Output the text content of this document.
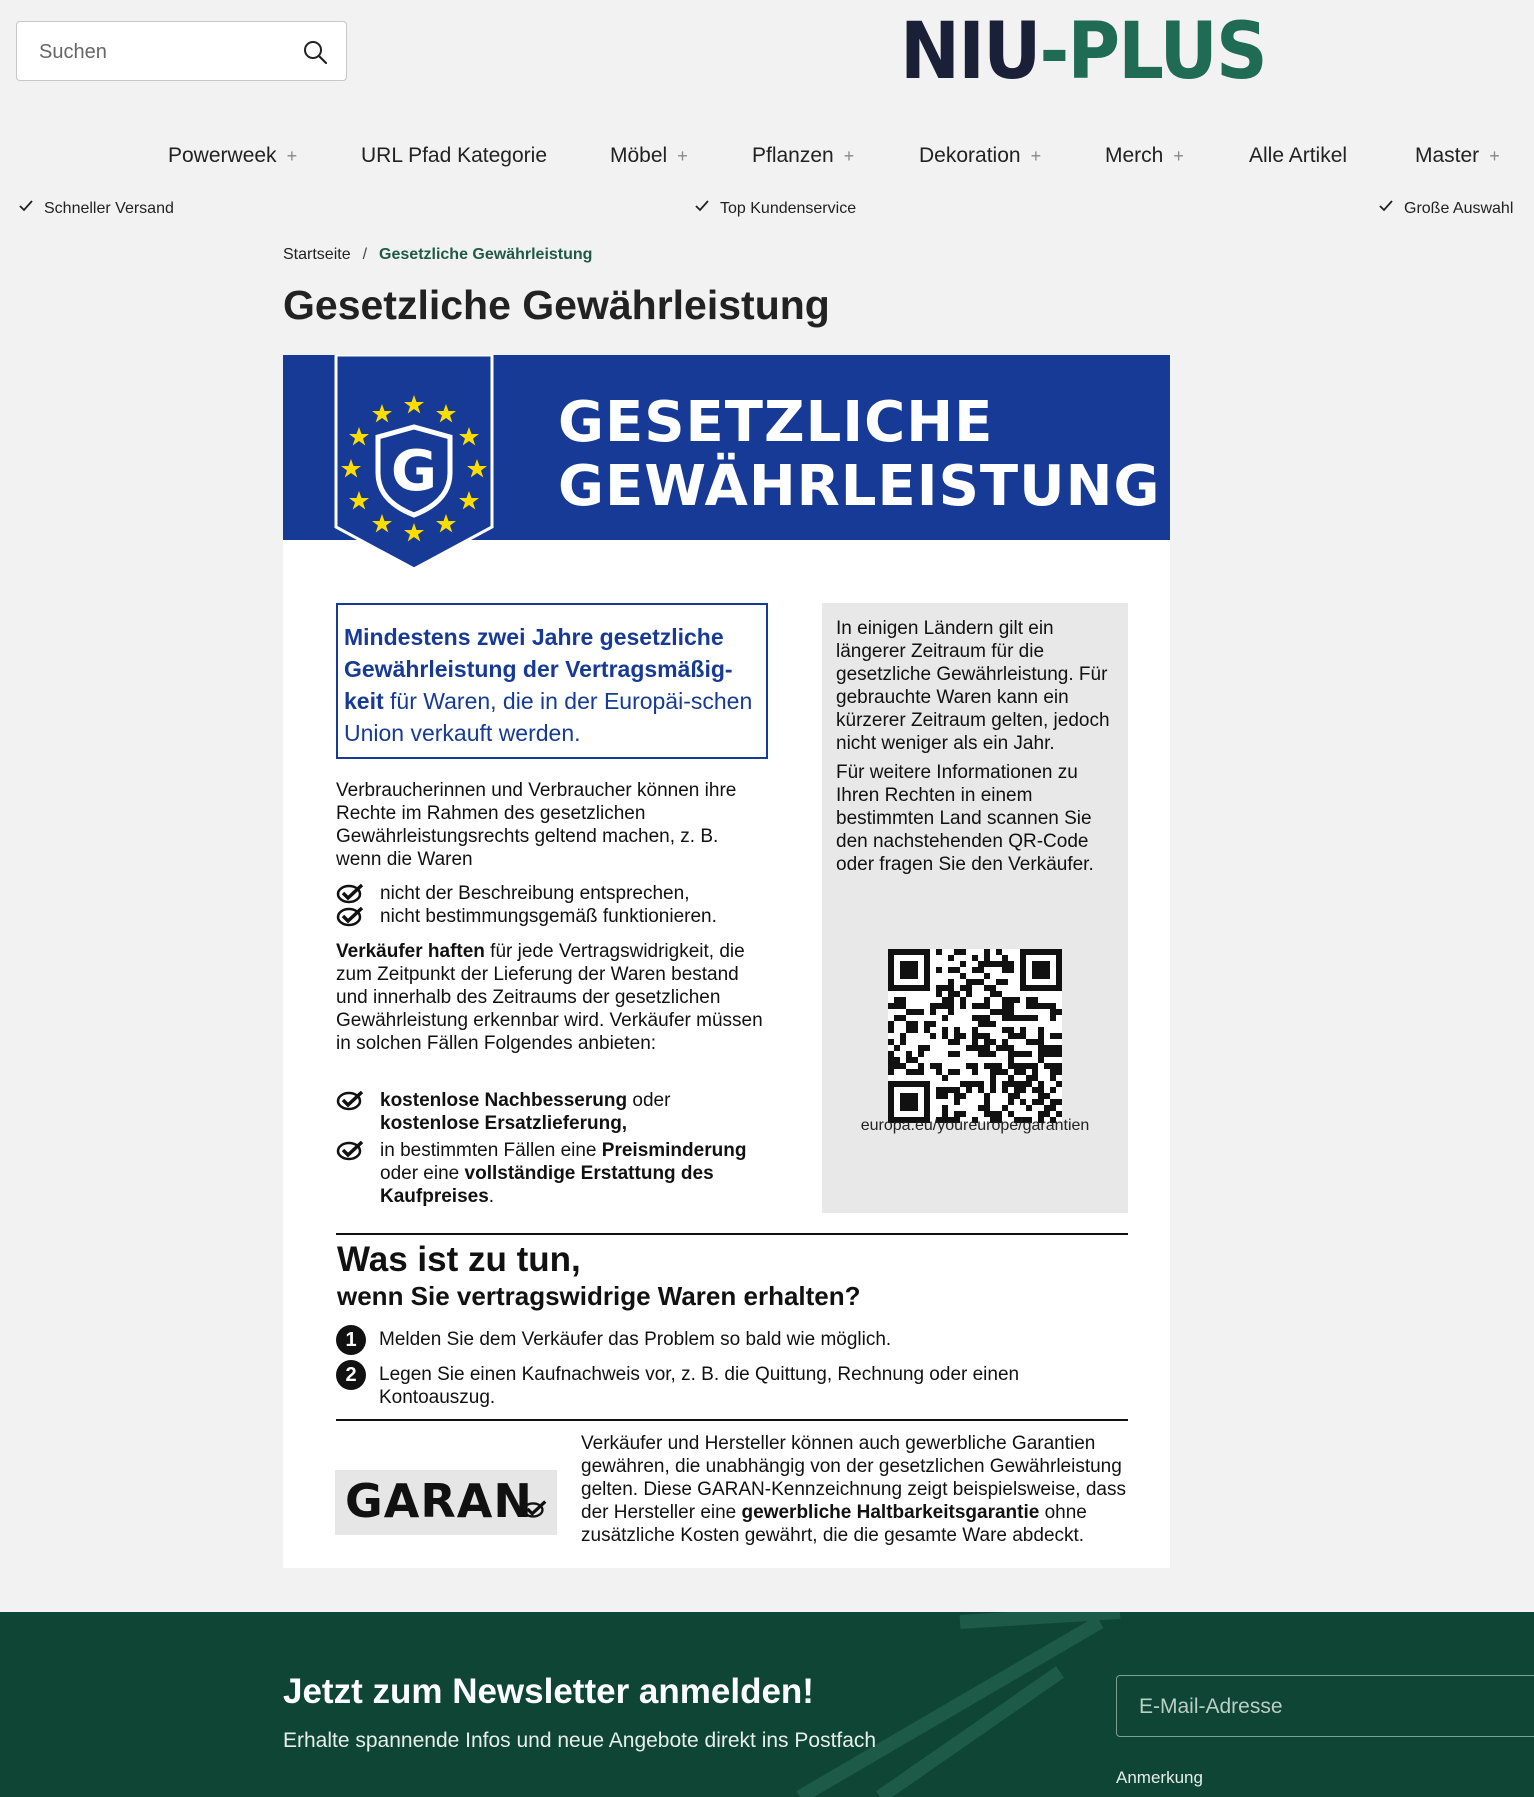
Suchen
NIU-PLUS
Powerweek +	URL Pfad Kategorie	Möbel +	Pflanzen +	Dekoration +	Merch +	Alle Artikel	Master +
Schneller Versand	Top Kundenservice	Große Auswahl
Startseite / Gesetzliche Gewährleistung
Gesetzliche Gewährleistung
GESETZLICHE
GEWÄHRLEISTUNG
G
Mindestens zwei Jahre gesetzliche Gewährleistung der Vertragsmäßig-keit für Waren, die in der Europäi-schen Union verkauft werden.
Verbraucherinnen und Verbraucher können ihre Rechte im Rahmen des gesetzlichen Gewährleistungsrechts geltend machen, z. B. wenn die Waren
nicht der Beschreibung entsprechen,
nicht bestimmungsgemäß funktionieren.
Verkäufer haften für jede Vertragswidrigkeit, die zum Zeitpunkt der Lieferung der Waren bestand und innerhalb des Zeitraums der gesetzlichen Gewährleistung erkennbar wird. Verkäufer müssen in solchen Fällen Folgendes anbieten:
kostenlose Nachbesserung oder kostenlose Ersatzlieferung,
in bestimmten Fällen eine Preisminderung oder eine vollständige Erstattung des Kaufpreises.
In einigen Ländern gilt ein längerer Zeitraum für die gesetzliche Gewährleistung. Für gebrauchte Waren kann ein kürzerer Zeitraum gelten, jedoch nicht weniger als ein Jahr.
Für weitere Informationen zu Ihren Rechten in einem bestimmten Land scannen Sie den nachstehenden QR-Code oder fragen Sie den Verkäufer.
europa.eu/youreurope/garantien
Was ist zu tun,
wenn Sie vertragswidrige Waren erhalten?
1	Melden Sie dem Verkäufer das Problem so bald wie möglich.
2	Legen Sie einen Kaufnachweis vor, z. B. die Quittung, Rechnung oder einen Kontoauszug.
GARAN
Verkäufer und Hersteller können auch gewerbliche Garantien gewähren, die unabhängig von der gesetzlichen Gewährleistung gelten. Diese GARAN-Kennzeichnung zeigt beispielsweise, dass der Hersteller eine gewerbliche Haltbarkeitsgarantie ohne zusätzliche Kosten gewährt, die die gesamte Ware abdeckt.
Jetzt zum Newsletter anmelden!
Erhalte spannende Infos und neue Angebote direkt ins Postfach
E-Mail-Adresse
Anmerkung
